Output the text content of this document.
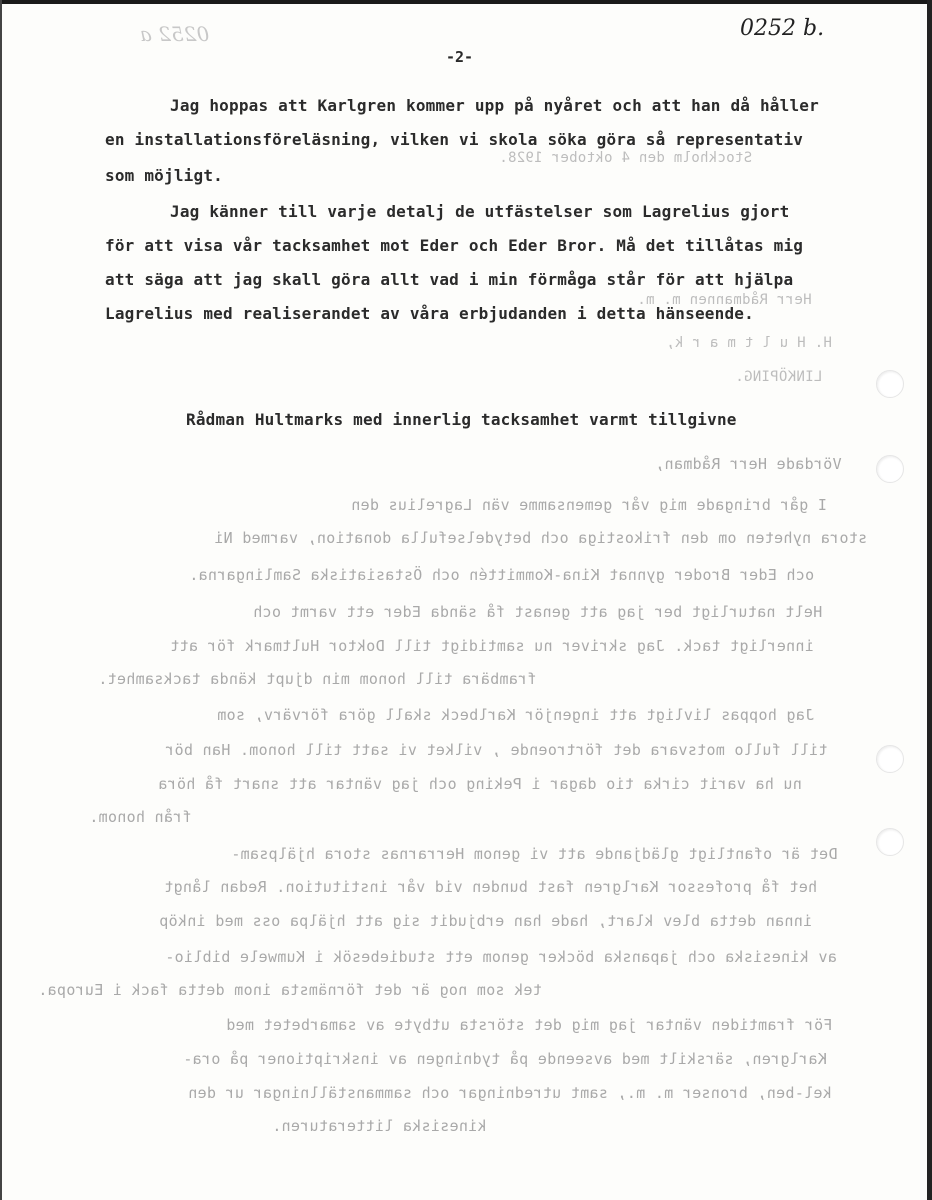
0252 a	0252 b.
-2-
Stockholm den 4 oktober 1928.
Herr Rådmannen m. m.
H. H u l t m a r k,
LINKÖPING.
Vördade Herr Rådman,
I går bringade mig vår gemensamme vän Lagrelius den
stora nyheten om den frikostiga och betydelsefulla donation, varmed Ni
och Eder Broder gynnat Kina-Kommittén och Östasiatiska Samlingarna.
Helt naturligt ber jag att genast få sända Eder ett varmt och
innerligt tack. Jag skriver nu samtidigt till Doktor Hultmark för att
frambära till honom min djupt kända tacksamhet.
Jag hoppas livligt att ingenjör Karlbeck skall göra förvärv, som
till fullo motsvara det förtroende , vilket vi satt till honom. Han bör
nu ha varit cirka tio dagar i Peking och jag väntar att snart få höra
från honom.
Det är ofantligt glädjande att vi genom Herrarnas stora hjälpsam-
het få professor Karlgren fast bunden vid vår institution. Redan långt
innan detta blev klart, hade han erbjudit sig att hjälpa oss med inköp
av kinesiska och japanska böcker genom ett studiebesök i Kumwele biblio-
tek som nog är det förnämsta inom detta fack i Europa.
För framtiden väntar jag mig det största utbyte av samarbetet med
Karlgren, särskilt med avseende på tydningen av inskriptioner på ora-
kel-ben, bronser m. m., samt utredningar och sammanställningar ur den
kinesiska litteraturen.
Jag hoppas att Karlgren kommer upp på nyåret och att han då håller
en installationsföreläsning, vilken vi skola söka göra så representativ
som möjligt.
Jag känner till varje detalj de utfästelser som Lagrelius gjort
för att visa vår tacksamhet mot Eder och Eder Bror. Må det tillåtas mig
att säga att jag skall göra allt vad i min förmåga står för att hjälpa
Lagrelius med realiserandet av våra erbjudanden i detta hänseende.
Rådman Hultmarks med innerlig tacksamhet varmt tillgivne
